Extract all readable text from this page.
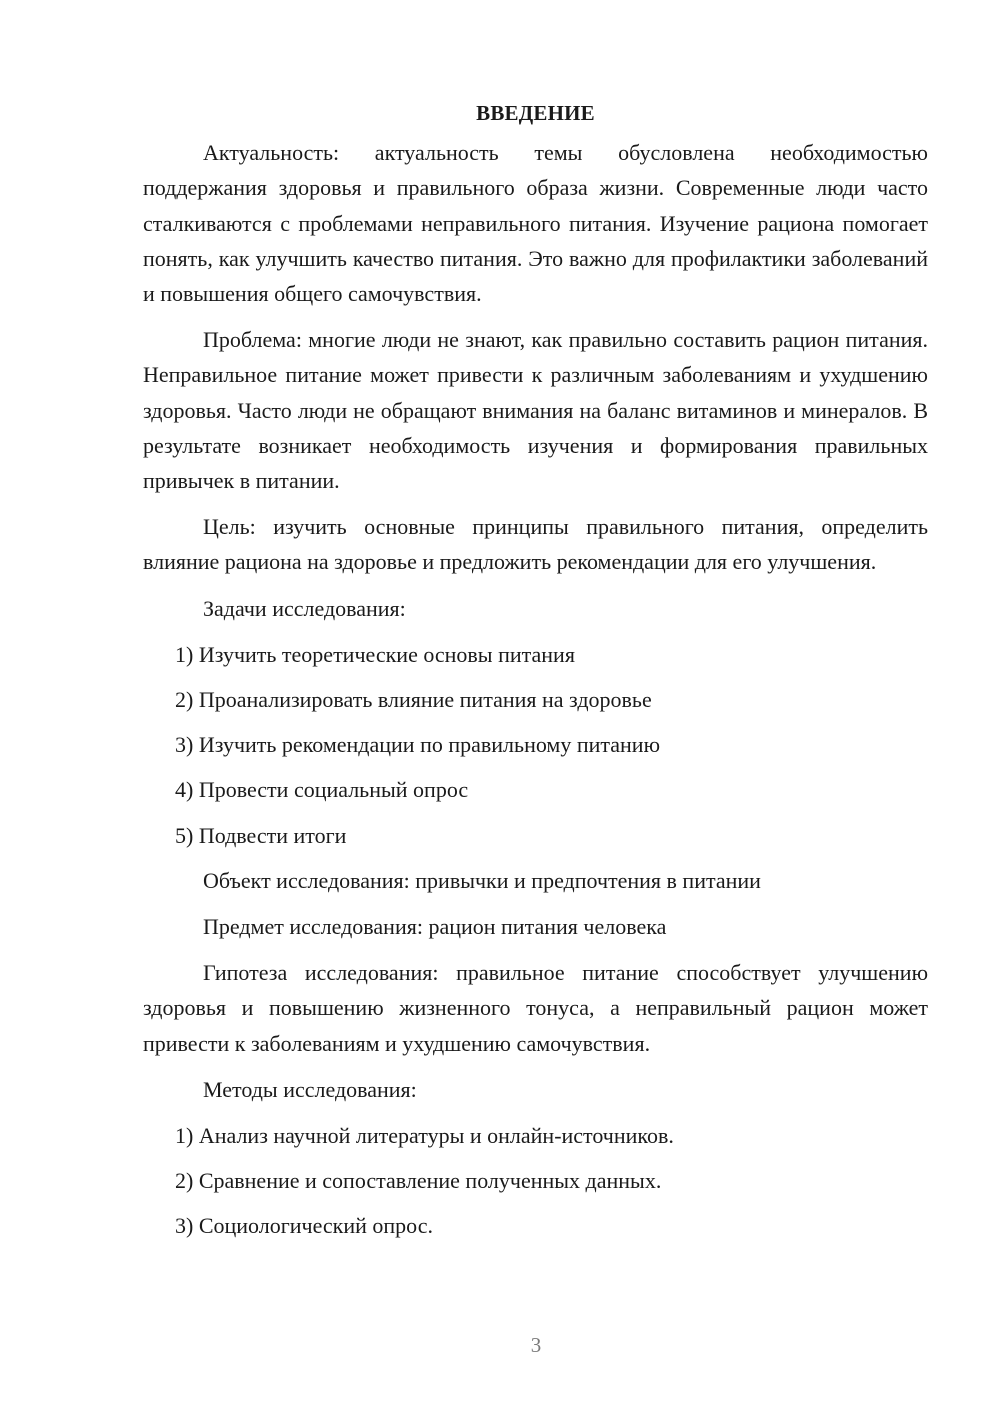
ВВЕДЕНИЕ

Актуальность: актуальность темы обусловлена необходимостью поддержания здоровья и правильного образа жизни. Современные люди часто сталкиваются с проблемами неправильного питания. Изучение рациона помогает понять, как улучшить качество питания. Это важно для профилактики заболеваний и повышения общего самочувствия.

Проблема: многие люди не знают, как правильно составить рацион питания. Неправильное питание может привести к различным заболеваниям и ухудшению здоровья. Часто люди не обращают внимания на баланс витаминов и минералов. В результате возникает необходимость изучения и формирования правильных привычек в питании.

Цель: изучить основные принципы правильного питания, определить влияние рациона на здоровье и предложить рекомендации для его улучшения.

Задачи исследования:

1) Изучить теоретические основы питания
2) Проанализировать влияние питания на здоровье
3) Изучить рекомендации по правильному питанию
4) Провести социальный опрос
5) Подвести итоги

Объект исследования: привычки и предпочтения в питании

Предмет исследования: рацион питания человека

Гипотеза исследования: правильное питание способствует улучшению здоровья и повышению жизненного тонуса, а неправильный рацион может привести к заболеваниям и ухудшению самочувствия.

Методы исследования:

1) Анализ научной литературы и онлайн-источников.
2) Сравнение и сопоставление полученных данных.
3) Социологический опрос.
3
